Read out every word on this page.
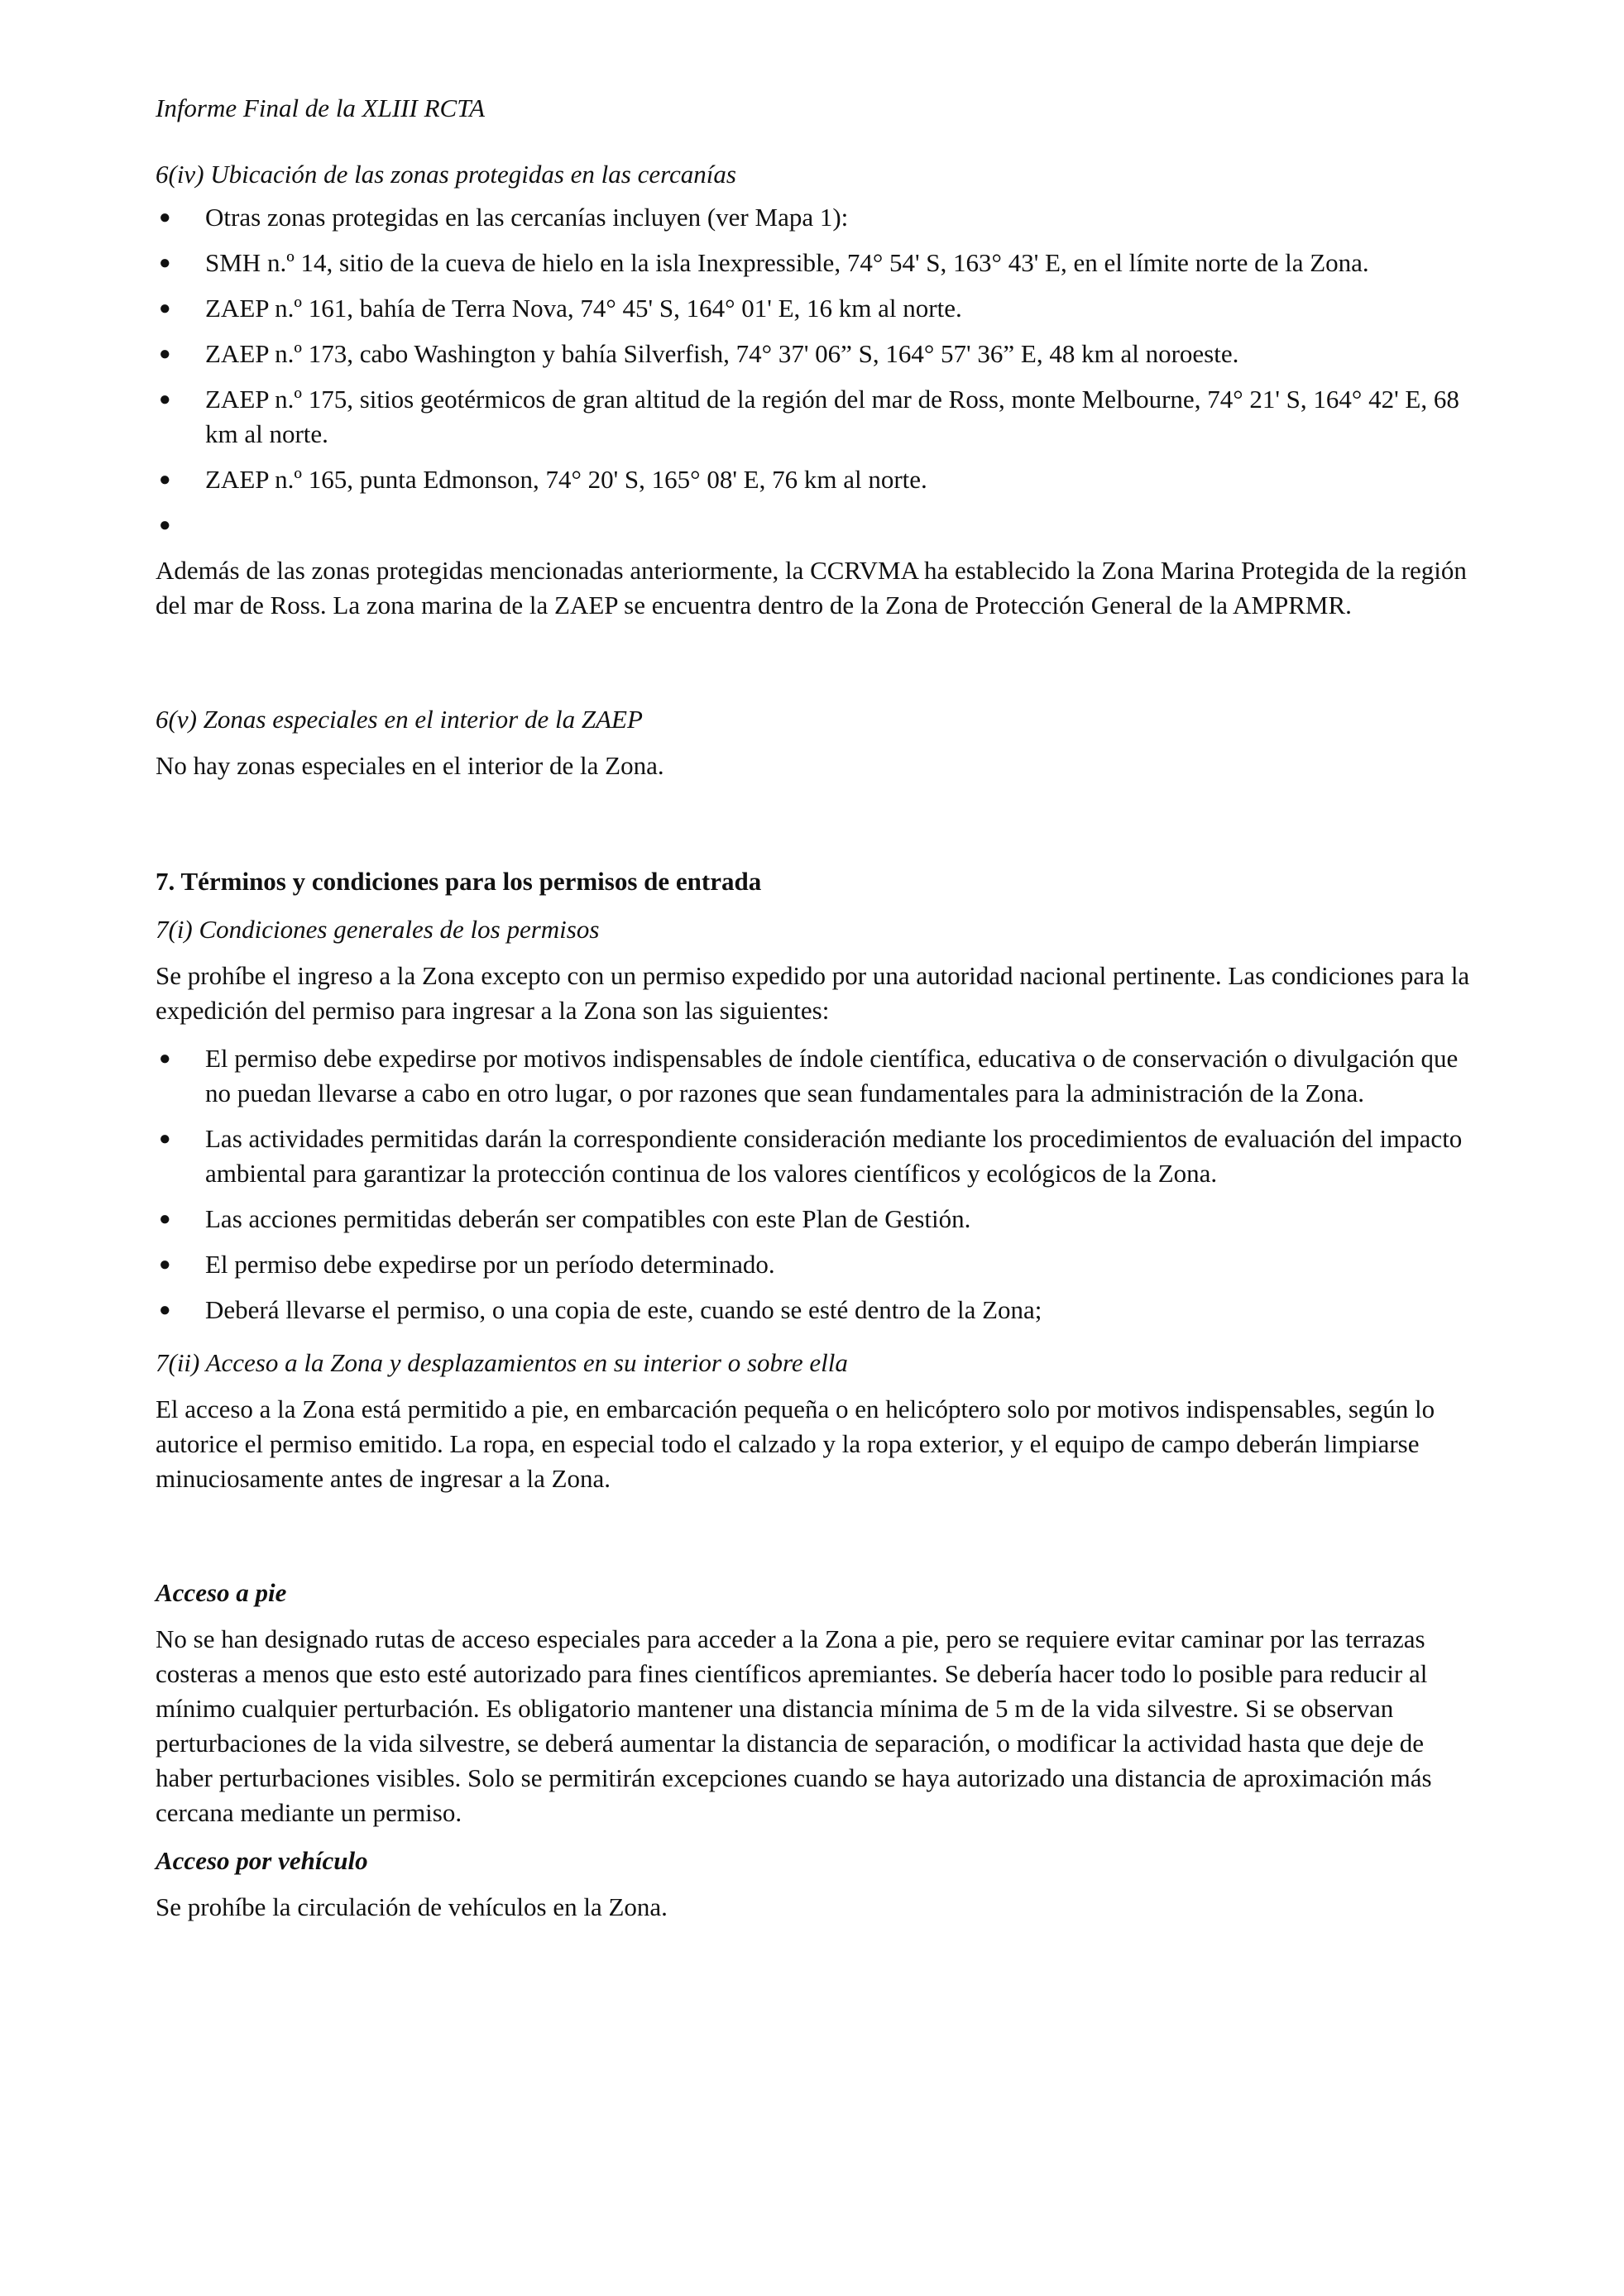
Informe Final de la XLIII RCTA

6(iv) Ubicación de las zonas protegidas en las cercanías

● Otras zonas protegidas en las cercanías incluyen (ver Mapa 1):
● SMH n.º 14, sitio de la cueva de hielo en la isla Inexpressible, 74° 54' S, 163° 43' E, en el límite norte de la Zona.
● ZAEP n.º 161, bahía de Terra Nova, 74° 45' S, 164° 01' E, 16 km al norte.
● ZAEP n.º 173, cabo Washington y bahía Silverfish, 74° 37' 06” S, 164° 57' 36” E, 48 km al noroeste.
● ZAEP n.º 175, sitios geotérmicos de gran altitud de la región del mar de Ross, monte Melbourne, 74° 21' S, 164° 42' E, 68 km al norte.
● ZAEP n.º 165, punta Edmonson, 74° 20' S, 165° 08' E, 76 km al norte.
●

Además de las zonas protegidas mencionadas anteriormente, la CCRVMA ha establecido la Zona Marina Protegida de la región del mar de Ross. La zona marina de la ZAEP se encuentra dentro de la Zona de Protección General de la AMPRMR.

6(v) Zonas especiales en el interior de la ZAEP

No hay zonas especiales en el interior de la Zona.

7. Términos y condiciones para los permisos de entrada

7(i) Condiciones generales de los permisos

Se prohíbe el ingreso a la Zona excepto con un permiso expedido por una autoridad nacional pertinente. Las condiciones para la expedición del permiso para ingresar a la Zona son las siguientes:

● El permiso debe expedirse por motivos indispensables de índole científica, educativa o de conservación o divulgación que no puedan llevarse a cabo en otro lugar, o por razones que sean fundamentales para la administración de la Zona.
● Las actividades permitidas darán la correspondiente consideración mediante los procedimientos de evaluación del impacto ambiental para garantizar la protección continua de los valores científicos y ecológicos de la Zona.
● Las acciones permitidas deberán ser compatibles con este Plan de Gestión.
● El permiso debe expedirse por un período determinado.
● Deberá llevarse el permiso, o una copia de este, cuando se esté dentro de la Zona;

7(ii) Acceso a la Zona y desplazamientos en su interior o sobre ella

El acceso a la Zona está permitido a pie, en embarcación pequeña o en helicóptero solo por motivos indispensables, según lo autorice el permiso emitido. La ropa, en especial todo el calzado y la ropa exterior, y el equipo de campo deberán limpiarse minuciosamente antes de ingresar a la Zona.

Acceso a pie

No se han designado rutas de acceso especiales para acceder a la Zona a pie, pero se requiere evitar caminar por las terrazas costeras a menos que esto esté autorizado para fines científicos apremiantes. Se debería hacer todo lo posible para reducir al mínimo cualquier perturbación. Es obligatorio mantener una distancia mínima de 5 m de la vida silvestre. Si se observan perturbaciones de la vida silvestre, se deberá aumentar la distancia de separación, o modificar la actividad hasta que deje de haber perturbaciones visibles. Solo se permitirán excepciones cuando se haya autorizado una distancia de aproximación más cercana mediante un permiso.

Acceso por vehículo

Se prohíbe la circulación de vehículos en la Zona.
